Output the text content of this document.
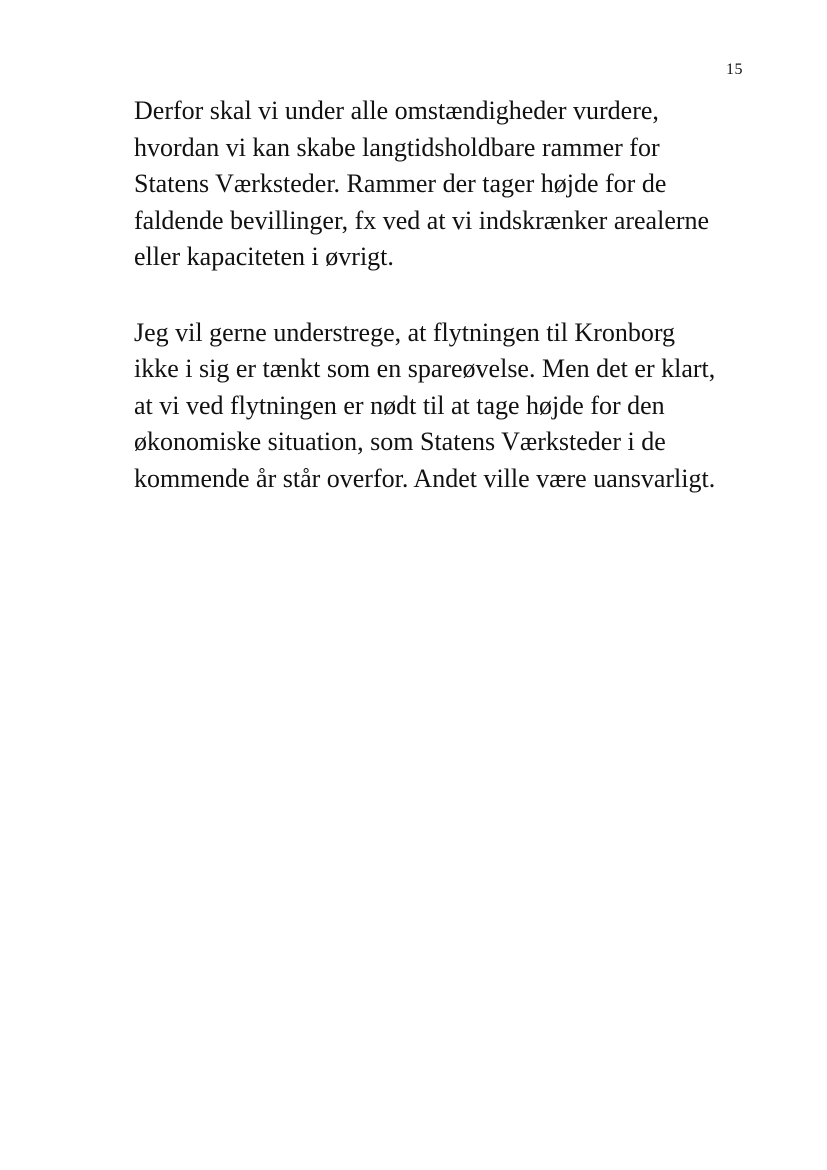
15

Derfor skal vi under alle omstændigheder vurdere,
hvordan vi kan skabe langtidsholdbare rammer for
Statens Værksteder. Rammer der tager højde for de
faldende bevillinger, fx ved at vi indskrænker arealerne
eller kapaciteten i øvrigt.

Jeg vil gerne understrege, at flytningen til Kronborg
ikke i sig er tænkt som en spareøvelse. Men det er klart,
at vi ved flytningen er nødt til at tage højde for den
økonomiske situation, som Statens Værksteder i de
kommende år står overfor. Andet ville være uansvarligt.
